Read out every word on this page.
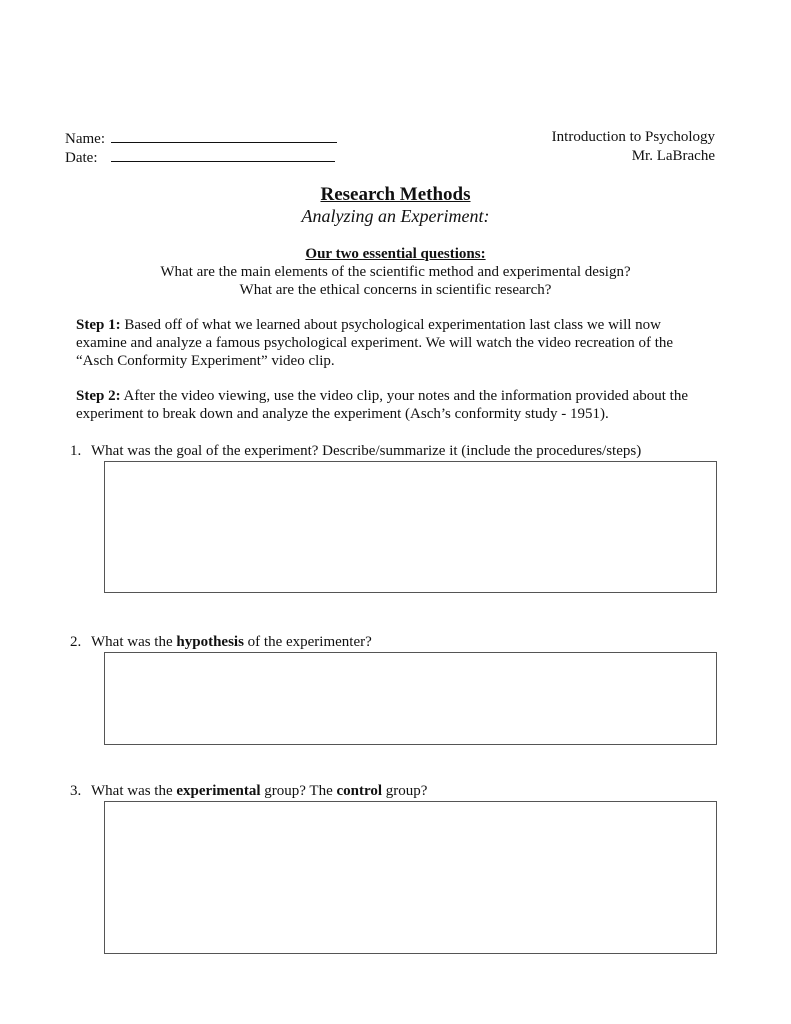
Name:
Date:
Introduction to Psychology
Mr. LaBrache
Research Methods
Analyzing an Experiment:
Our two essential questions:
What are the main elements of the scientific method and experimental design?
What are the ethical concerns in scientific research?
Step 1: Based off of what we learned about psychological experimentation last class we will now
examine and analyze a famous psychological experiment. We will watch the video recreation of the
“Asch Conformity Experiment” video clip.
Step 2: After the video viewing, use the video clip, your notes and the information provided about the
experiment to break down and analyze the experiment (Asch’s conformity study - 1951).
1. What was the goal of the experiment? Describe/summarize it (include the procedures/steps)
2. What was the hypothesis of the experimenter?
3. What was the experimental group? The control group?
